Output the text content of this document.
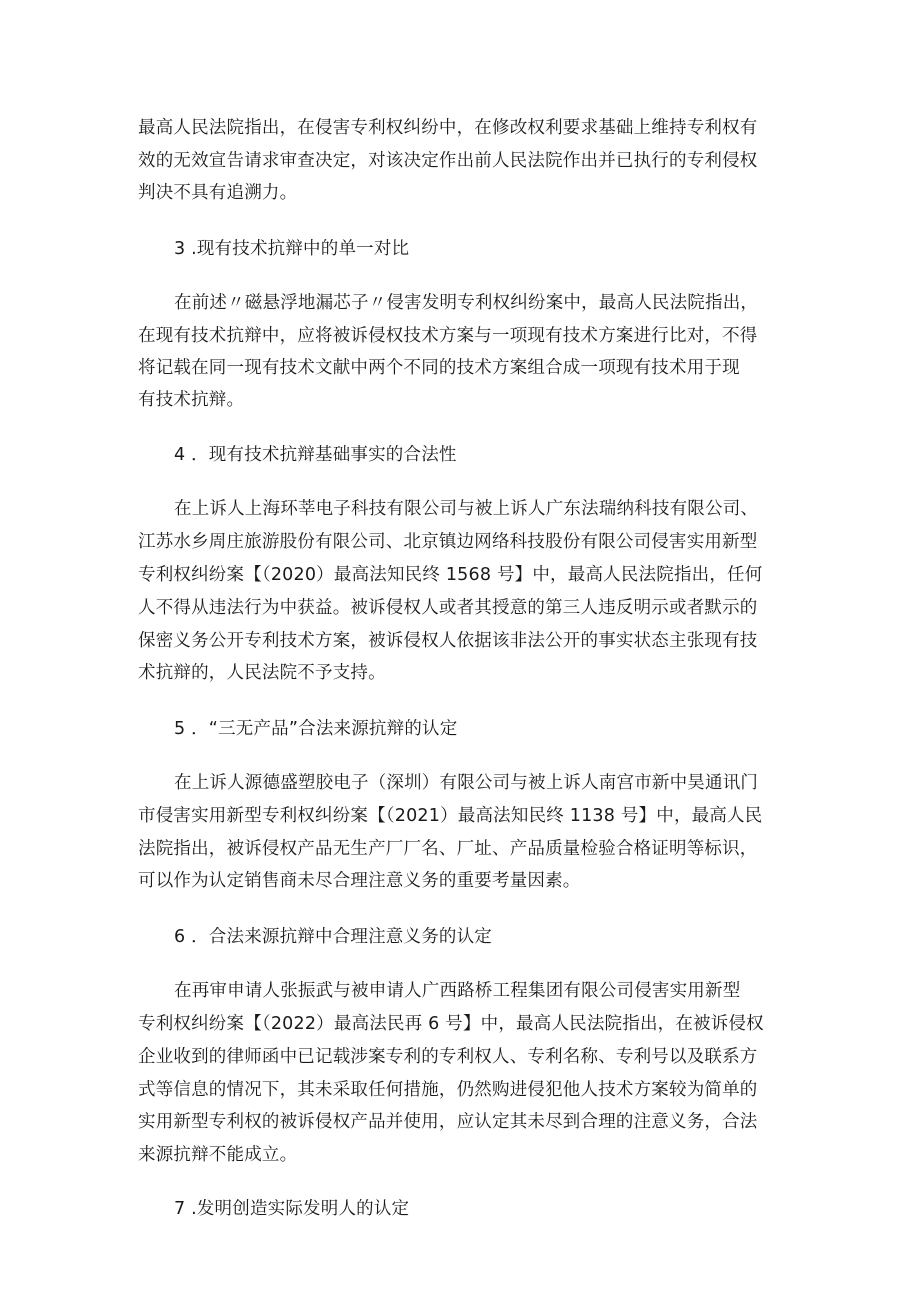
最高人民法院指出，在侵害专利权纠纷中，在修改权利要求基础上维持专利权有
效的无效宣告请求审查决定，对该决定作出前人民法院作出并已执行的专利侵权
判决不具有追溯力。
3 .现有技术抗辩中的单一对比
在前述〃磁悬浮地漏芯子〃侵害发明专利权纠纷案中，最高人民法院指出，
在现有技术抗辩中，应将被诉侵权技术方案与一项现有技术方案进行比对，不得
将记载在同一现有技术文献中两个不同的技术方案组合成一项现有技术用于现
有技术抗辩。
4 ．现有技术抗辩基础事实的合法性
在上诉人上海环莘电子科技有限公司与被上诉人广东法瑞纳科技有限公司、
江苏水乡周庄旅游股份有限公司、北京镇边网络科技股份有限公司侵害实用新型
专利权纠纷案【（2020）最高法知民终 1568 号】中，最高人民法院指出，任何
人不得从违法行为中获益。被诉侵权人或者其授意的第三人违反明示或者默示的
保密义务公开专利技术方案，被诉侵权人依据该非法公开的事实状态主张现有技
术抗辩的，人民法院不予支持。
5 ．“三无产品”合法来源抗辩的认定
在上诉人源德盛塑胶电子（深圳）有限公司与被上诉人南宫市新中昊通讯门
市侵害实用新型专利权纠纷案【（2021）最高法知民终 1138 号】中，最高人民
法院指出，被诉侵权产品无生产厂厂名、厂址、产品质量检验合格证明等标识，
可以作为认定销售商未尽合理注意义务的重要考量因素。
6 ．合法来源抗辩中合理注意义务的认定
在再审申请人张振武与被申请人广西路桥工程集团有限公司侵害实用新型
专利权纠纷案【（2022）最高法民再 6 号】中，最高人民法院指出，在被诉侵权
企业收到的律师函中已记载涉案专利的专利权人、专利名称、专利号以及联系方
式等信息的情况下，其未采取任何措施，仍然购进侵犯他人技术方案较为简单的
实用新型专利权的被诉侵权产品并使用，应认定其未尽到合理的注意义务，合法
来源抗辩不能成立。
7 .发明创造实际发明人的认定
